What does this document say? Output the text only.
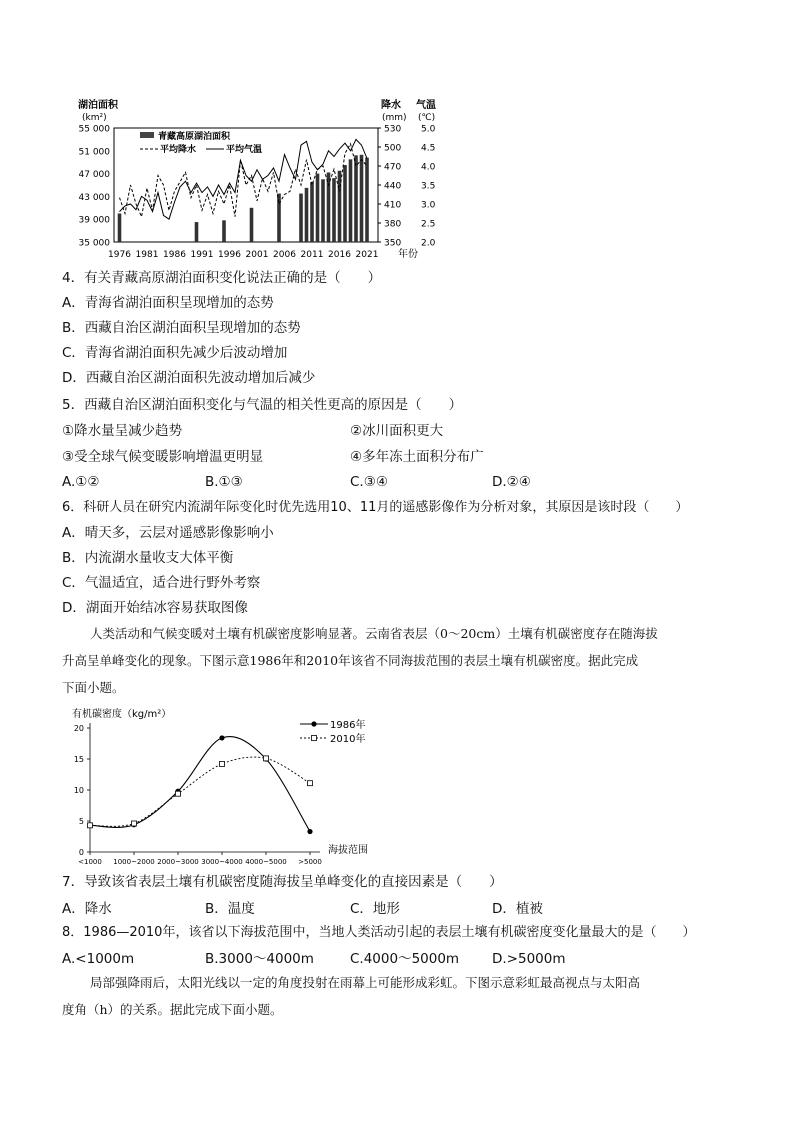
湖泊面积
(km²)
降水
(mm)
气温
(℃)
55 000
51 000
47 000
43 000
39 000
35 000
530
500
470
440
410
380
350
5.0
4.5
4.0
3.5
3.0
2.5
2.0
1976 1981 1986 1991 1996 2001 2006 2011 2016 2021 年份
青藏高原湖泊面积
平均降水	平均气温
4．有关青藏高原湖泊面积变化说法正确的是（　　）
A．青海省湖泊面积呈现增加的态势
B．西藏自治区湖泊面积呈现增加的态势
C．青海省湖泊面积先减少后波动增加
D．西藏自治区湖泊面积先波动增加后减少
5．西藏自治区湖泊面积变化与气温的相关性更高的原因是（　　）
①降水量呈减少趋势	②冰川面积更大
③受全球气候变暖影响增温更明显	④多年冻土面积分布广
A.①②	B.①③	C.③④	D.②④
6．科研人员在研究内流湖年际变化时优先选用10、11月的遥感影像作为分析对象，其原因是该时段（　　）
A．晴天多，云层对遥感影像影响小
B．内流湖水量收支大体平衡
C．气温适宜，适合进行野外考察
D．湖面开始结冰容易获取图像
人类活动和气候变暖对土壤有机碳密度影响显著。云南省表层（0～20cm）土壤有机碳密度存在随海拔
升高呈单峰变化的现象。下图示意1986年和2010年该省不同海拔范围的表层土壤有机碳密度。据此完成
下面小题。
有机碳密度（kg/m²）
20
15
10
5
0
<1000 1000~2000 2000~3000 3000~4000 4000~5000 >5000
海拔范围
1986年
2010年
7．导致该省表层土壤有机碳密度随海拔呈单峰变化的直接因素是（　　）
A．降水	B．温度	C．地形	D．植被
8．1986—2010年，该省以下海拔范围中，当地人类活动引起的表层土壤有机碳密度变化量最大的是（　　）
A.<1000m	B.3000～4000m	C.4000～5000m D.>5000m
局部强降雨后，太阳光线以一定的角度投射在雨幕上可能形成彩虹。下图示意彩虹最高视点与太阳高
度角（h）的关系。据此完成下面小题。
